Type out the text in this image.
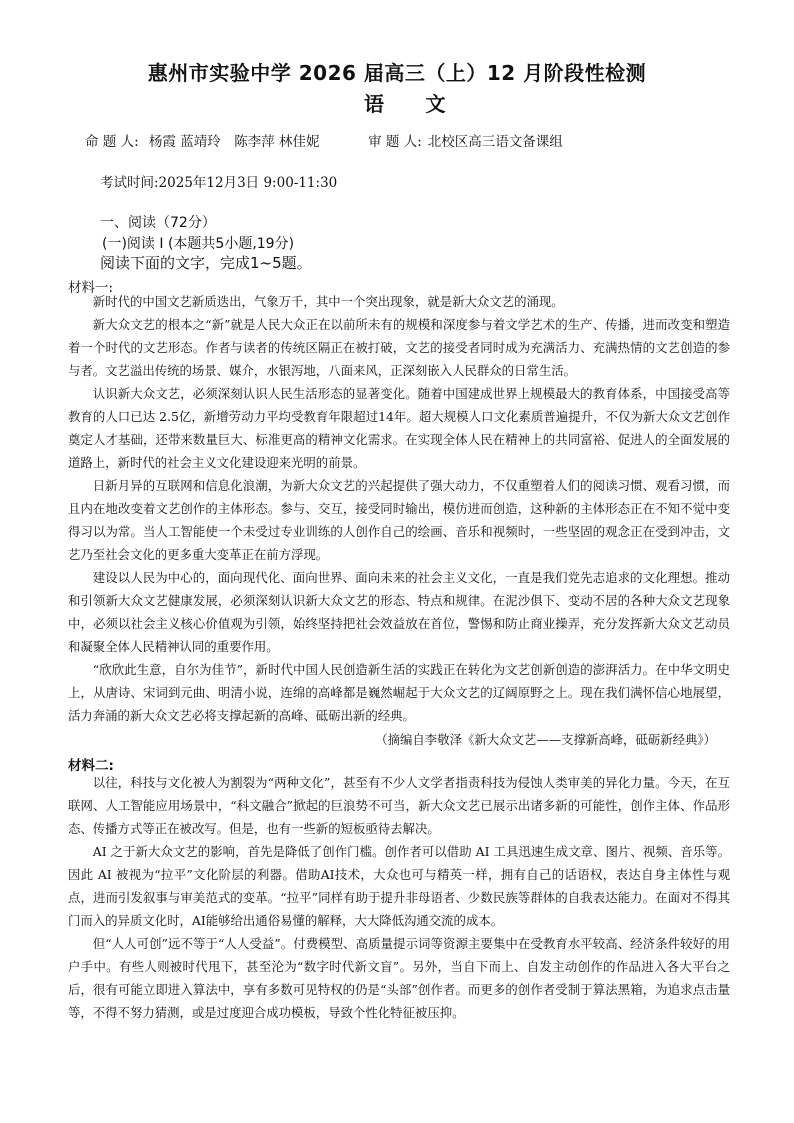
惠州市实验中学 2026 届高三（上）12 月阶段性检测
语　　文
命 题 人: 杨霞 蓝靖玲　陈李萍 林佳妮	审 题 人: 北校区高三语文备课组
考试时间:2025年12月3日 9:00-11:30
一、阅读（72分）
(一)阅读 I (本题共5小题,19分)
阅读下面的文字，完成1~5题。
材料一:

新时代的中国文艺新质迭出，气象万千，其中一个突出现象，就是新大众文艺的涌现。

新大众文艺的根本之“新”就是人民大众正在以前所未有的规模和深度参与着文学艺术的生产、传播，进而改变和塑造着一个时代的文艺形态。作者与读者的传统区隔正在被打破，文艺的接受者同时成为充满活力、充满热情的文艺创造的参与者。文艺溢出传统的场景、媒介，水银泻地，八面来风，正深刻嵌入人民群众的日常生活。

认识新大众文艺，必须深刻认识人民生活形态的显著变化。随着中国建成世界上规模最大的教育体系，中国接受高等教育的人口已达 2.5亿，新增劳动力平均受教育年限超过14年。超大规模人口文化素质普遍提升，不仅为新大众文艺创作奠定人才基础，还带来数量巨大、标准更高的精神文化需求。在实现全体人民在精神上的共同富裕、促进人的全面发展的道路上，新时代的社会主义文化建设迎来光明的前景。

日新月异的互联网和信息化浪潮，为新大众文艺的兴起提供了强大动力，不仅重塑着人们的阅读习惯、观看习惯，而且内在地改变着文艺创作的主体形态。参与、交互，接受同时输出，模仿进而创造，这种新的主体形态正在不知不觉中变得习以为常。当人工智能使一个未受过专业训练的人创作自己的绘画、音乐和视频时，一些坚固的观念正在受到冲击，文艺乃至社会文化的更多重大变革正在前方浮现。

建设以人民为中心的，面向现代化、面向世界、面向未来的社会主义文化，一直是我们党先志追求的文化理想。推动和引领新大众文艺健康发展，必须深刻认识新大众文艺的形态、特点和规律。在泥沙俱下、变动不居的各种大众文艺现象中，必须以社会主义核心价值观为引领，始终坚持把社会效益放在首位，警惕和防止商业操弄，充分发挥新大众文艺动员和凝聚全体人民精神认同的重要作用。

“欣欣此生意，自尔为佳节”，新时代中国人民创造新生活的实践正在转化为文艺创新创造的澎湃活力。在中华文明史上，从唐诗、宋词到元曲、明清小说，连绵的高峰都是巍然崛起于大众文艺的辽阔原野之上。现在我们满怀信心地展望，活力奔涌的新大众文艺必将支撑起新的高峰、砥砺出新的经典。

（摘编自李敬泽《新大众文艺——支撑新高峰，砥砺新经典》）
材料二:

以往，科技与文化被人为割裂为“两种文化”，甚至有不少人文学者指责科技为侵蚀人类审美的异化力量。今天，在互联网、人工智能应用场景中，“科文融合”掀起的巨浪势不可当，新大众文艺已展示出诸多新的可能性，创作主体、作品形态、传播方式等正在被改写。但是，也有一些新的短板亟待去解决。

AI 之于新大众文艺的影响，首先是降低了创作门槛。创作者可以借助 AI 工具迅速生成文章、图片、视频、音乐等。因此 AI 被视为“拉平”文化阶层的利器。借助AI技术，大众也可与精英一样，拥有自己的话语权，表达自身主体性与观点，进而引发叙事与审美范式的变革。“拉平”同样有助于提升非母语者、少数民族等群体的自我表达能力。在面对不得其门而入的异质文化时，AI能够给出通俗易懂的解释，大大降低沟通交流的成本。

但“人人可创”远不等于“人人受益”。付费模型、高质量提示词等资源主要集中在受教育水平较高、经济条件较好的用户手中。有些人则被时代甩下，甚至沦为“数字时代新文盲”。另外，当自下而上、自发主动创作的作品进入各大平台之后，很有可能立即进入算法中，享有多数可见特权的仍是“头部”创作者。而更多的创作者受制于算法黑箱，为追求点击量等，不得不努力猜测，或是过度迎合成功模板，导致个性化特征被压抑。
